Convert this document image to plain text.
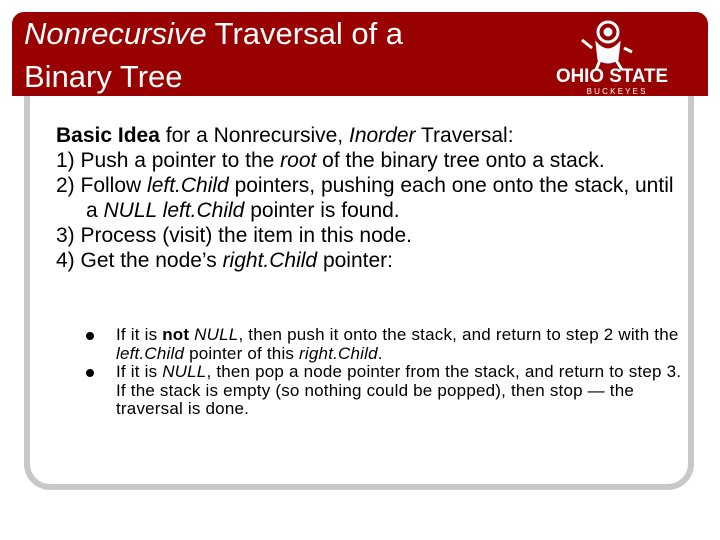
Nonrecursive Traversal of a
Binary Tree	OHIO STATE
B U C K E Y E S

Basic Idea for a Nonrecursive, Inorder Traversal:

1) Push a pointer to the root of the binary tree onto a stack.

2) Follow left.Child pointers, pushing each one onto the stack, until a NULL left.Child pointer is found.

3) Process (visit) the item in this node.

4) Get the node’s right.Child pointer:

If it is not NULL, then push it onto the stack, and return to step 2 with the left.Child pointer of this right.Child.
If it is NULL, then pop a node pointer from the stack, and return to step 3. If the stack is empty (so nothing could be popped), then stop — the traversal is done.
